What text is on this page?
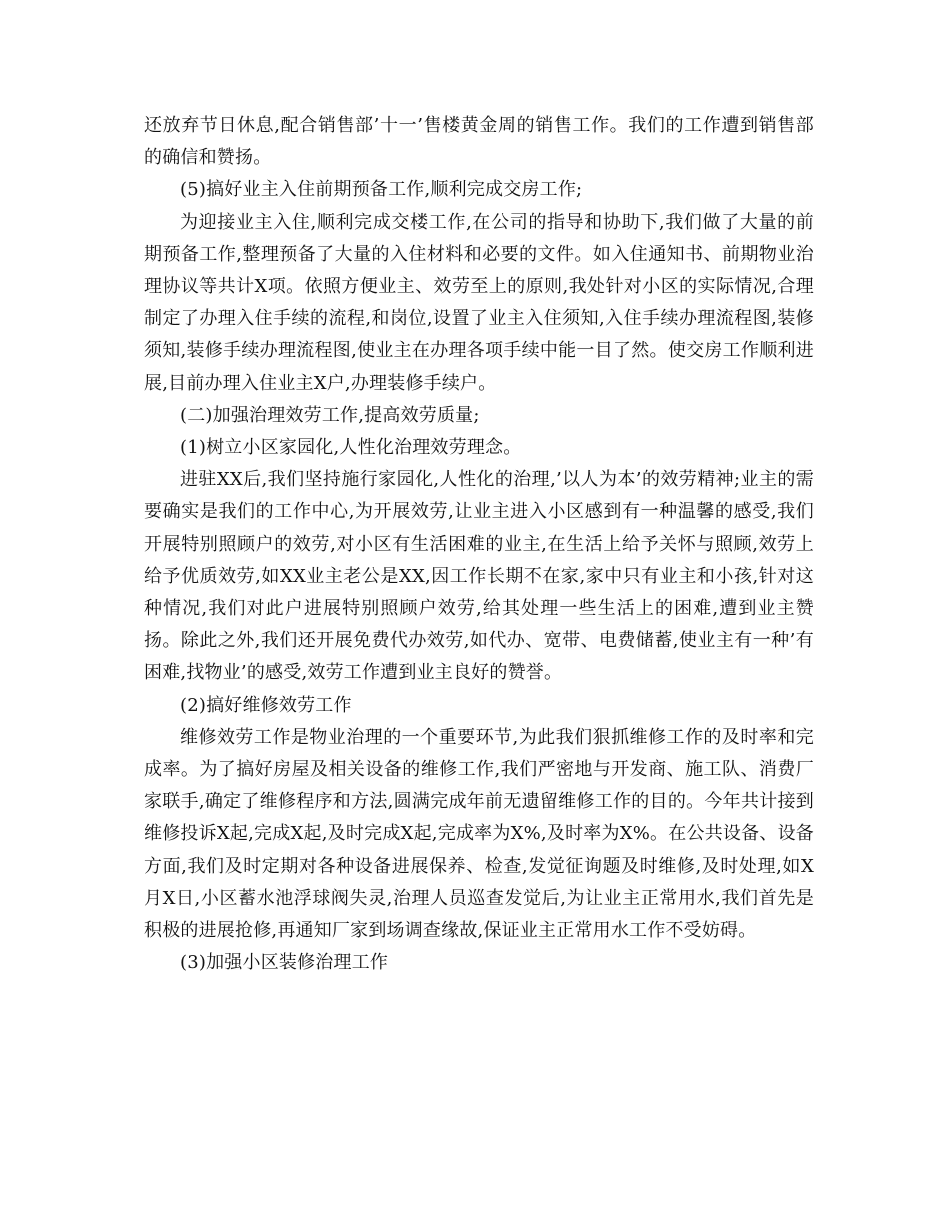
还放弃节日休息,配合销售部’十一’售楼黄金周的销售工作。我们的工作遭到销售部的确信和赞扬。

(5)搞好业主入住前期预备工作,顺利完成交房工作;

为迎接业主入住,顺利完成交楼工作,在公司的指导和协助下,我们做了大量的前期预备工作,整理预备了大量的入住材料和必要的文件。如入住通知书、前期物业治理协议等共计X项。依照方便业主、效劳至上的原则,我处针对小区的实际情况,合理制定了办理入住手续的流程,和岗位,设置了业主入住须知,入住手续办理流程图,装修须知,装修手续办理流程图,使业主在办理各项手续中能一目了然。使交房工作顺利进展,目前办理入住业主X户,办理装修手续户。

(二)加强治理效劳工作,提高效劳质量;

(1)树立小区家园化,人性化治理效劳理念。

进驻XX后,我们坚持施行家园化,人性化的治理,’以人为本’的效劳精神;业主的需要确实是我们的工作中心,为开展效劳,让业主进入小区感到有一种温馨的感受,我们开展特别照顾户的效劳,对小区有生活困难的业主,在生活上给予关怀与照顾,效劳上给予优质效劳,如XX业主老公是XX,因工作长期不在家,家中只有业主和小孩,针对这种情况,我们对此户进展特别照顾户效劳,给其处理一些生活上的困难,遭到业主赞扬。除此之外,我们还开展免费代办效劳,如代办、宽带、电费储蓄,使业主有一种’有困难,找物业’的感受,效劳工作遭到业主良好的赞誉。

(2)搞好维修效劳工作

维修效劳工作是物业治理的一个重要环节,为此我们狠抓维修工作的及时率和完成率。为了搞好房屋及相关设备的维修工作,我们严密地与开发商、施工队、消费厂家联手,确定了维修程序和方法,圆满完成年前无遗留维修工作的目的。今年共计接到维修投诉X起,完成X起,及时完成X起,完成率为X%,及时率为X%。在公共设备、设备方面,我们及时定期对各种设备进展保养、检查,发觉征询题及时维修,及时处理,如X月X日,小区蓄水池浮球阀失灵,治理人员巡查发觉后,为让业主正常用水,我们首先是积极的进展抢修,再通知厂家到场调查缘故,保证业主正常用水工作不受妨碍。

(3)加强小区装修治理工作
